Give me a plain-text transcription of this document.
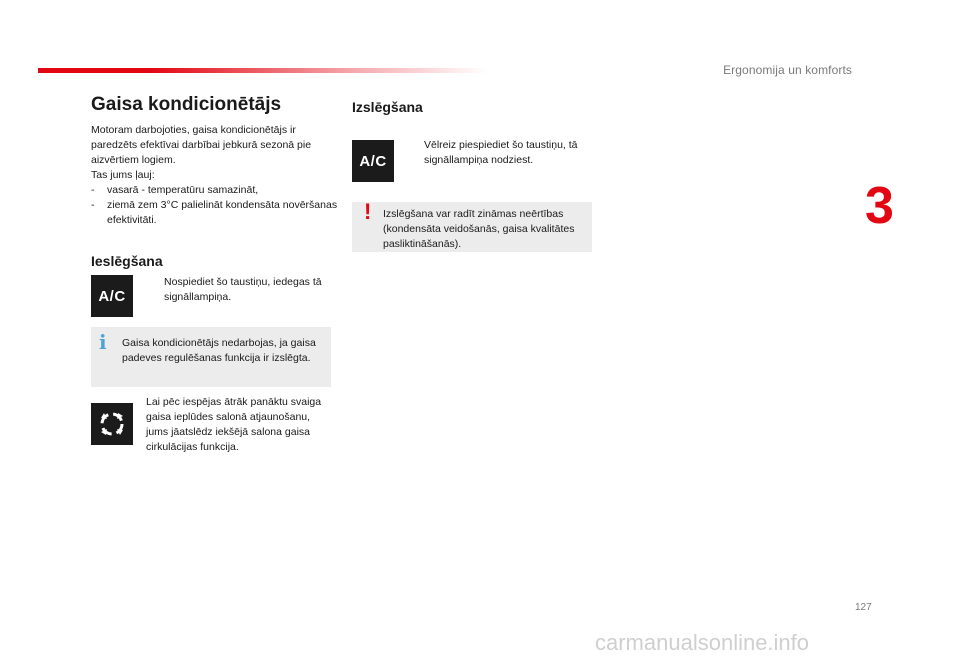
Ergonomija un komforts
3
Gaisa kondicionētājs

Motoram darbojoties, gaisa kondicionētājs ir paredzēts efektīvai darbībai jebkurā sezonā pie aizvērtiem logiem.

Tas jums ļauj:

-	vasarā - temperatūru samazināt,
-	ziemā zem 3°C palielināt kondensāta novēršanas efektivitāti.
Ieslēgšana
A/C
Nospiediet šo taustiņu, iedegas tā signāllampiņa.
i Gaisa kondicionētājs nedarbojas, ja gaisa padeves regulēšanas funkcija ir izslēgta.
Lai pēc iespējas ātrāk panāktu svaiga gaisa ieplūdes salonā atjaunošanu, jums jāatslēdz iekšējā salona gaisa cirkulācijas funkcija.
Izslēgšana
A/C
Vēlreiz piespiediet šo taustiņu, tā signāllampiņa nodziest.
! Izslēgšana var radīt zināmas neērtības (kondensāta veidošanās, gaisa kvalitātes pasliktināšanās).
127
carmanualsonline.info
